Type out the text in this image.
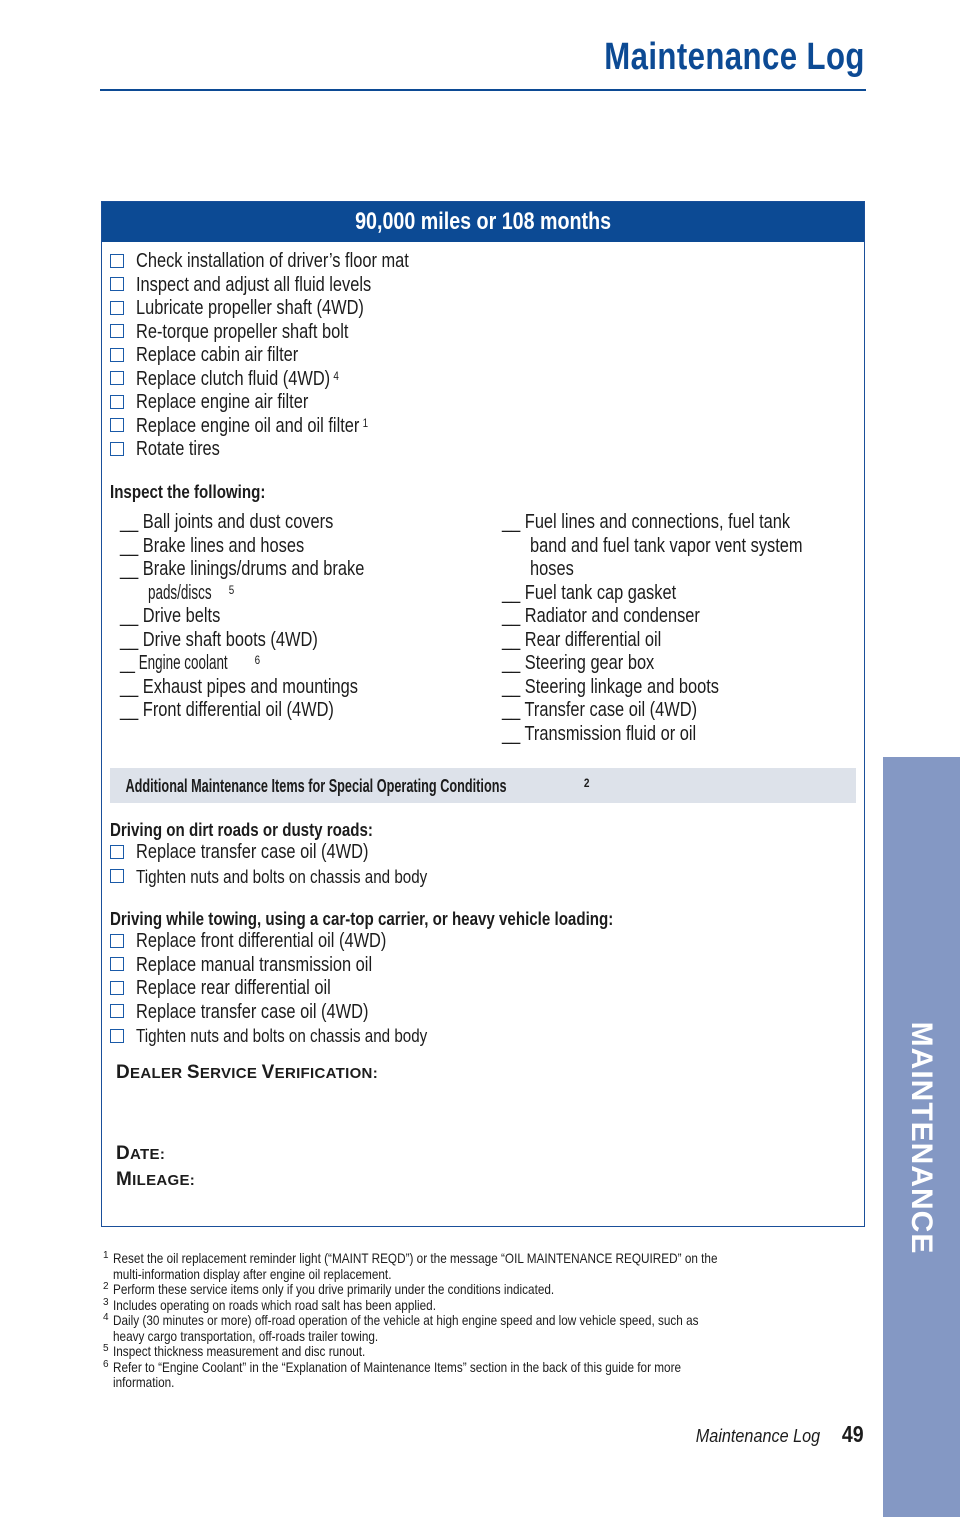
Maintenance Log
90,000 miles or 108 months
Check installation of driver’s floor mat
Inspect and adjust all fluid levels
Lubricate propeller shaft (4WD)
Re-torque propeller shaft bolt
Replace cabin air filter
Replace clutch fluid (4WD) $^4$
Replace engine air filter
Replace engine oil and oil filter $^1$
Rotate tires
Inspect the following:
__ Ball joints and dust covers
__ Brake lines and hoses
__ Brake linings/drums and brake
pads/discs $^5$
__ Drive belts
__ Drive shaft boots (4WD)
__ Engine coolant $^6$
__ Exhaust pipes and mountings
__ Front differential oil (4WD)
__ Fuel lines and connections, fuel tank
band and fuel tank vapor vent system
hoses
__ Fuel tank cap gasket
__ Radiator and condenser
__ Rear differential oil
__ Steering gear box
__ Steering linkage and boots
__ Transfer case oil (4WD)
__ Transmission fluid or oil
Additional Maintenance Items for Special Operating Conditions	$^2$
Driving on dirt roads or dusty roads:
Replace transfer case oil (4WD)
Tighten nuts and bolts on chassis and body
Driving while towing, using a car-top carrier, or heavy vehicle loading:
Replace front differential oil (4WD)
Replace manual transmission oil
Replace rear differential oil
Replace transfer case oil (4WD)
Tighten nuts and bolts on chassis and body
DEALER SERVICE VERIFICATION:
DATE:
MILEAGE:
1 Reset the oil replacement reminder light (“MAINT REQD”) or the message “OIL MAINTENANCE REQUIRED” on the
multi-information display after engine oil replacement.
2 Perform these service items only if you drive primarily under the conditions indicated.
3 Includes operating on roads which road salt has been applied.
4 Daily (30 minutes or more) off-road operation of the vehicle at high engine speed and low vehicle speed, such as
heavy cargo transportation, off-roads trailer towing.
5 Inspect thickness measurement and disc runout.
6 Refer to “Engine Coolant” in the “Explanation of Maintenance Items” section in the back of this guide for more
information.
Maintenance Log 49
MAINTENANCE
